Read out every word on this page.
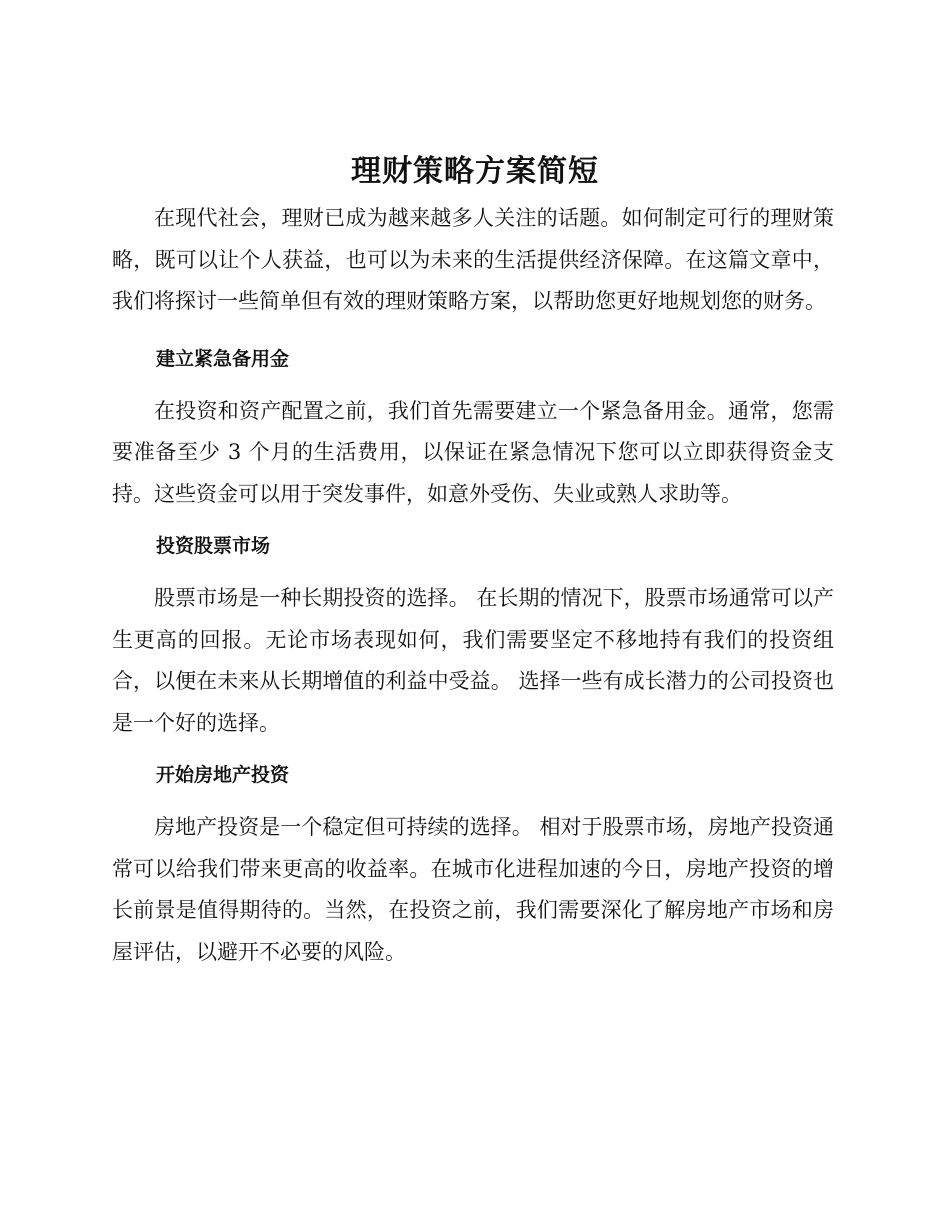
理财策略方案简短

在现代社会，理财已成为越来越多人关注的话题。如何制定可行的理财策略，既可以让个人获益，也可以为未来的生活提供经济保障。在这篇文章中，我们将探讨一些简单但有效的理财策略方案，以帮助您更好地规划您的财务。

建立紧急备用金

在投资和资产配置之前，我们首先需要建立一个紧急备用金。通常，您需要准备至少 3 个月的生活费用，以保证在紧急情况下您可以立即获得资金支持。这些资金可以用于突发事件，如意外受伤、失业或熟人求助等。

投资股票市场

股票市场是一种长期投资的选择。 在长期的情况下，股票市场通常可以产生更高的回报。无论市场表现如何，我们需要坚定不移地持有我们的投资组合，以便在未来从长期增值的利益中受益。 选择一些有成长潜力的公司投资也是一个好的选择。

开始房地产投资

房地产投资是一个稳定但可持续的选择。 相对于股票市场，房地产投资通常可以给我们带来更高的收益率。在城市化进程加速的今日，房地产投资的增长前景是值得期待的。当然，在投资之前，我们需要深化了解房地产市场和房屋评估，以避开不必要的风险。
